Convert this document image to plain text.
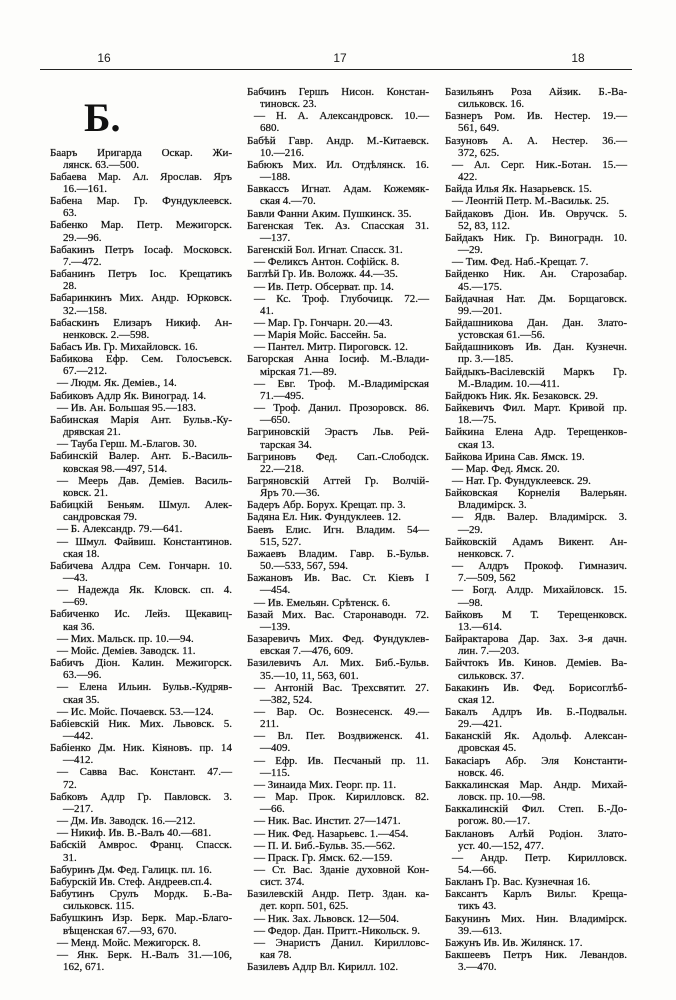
16	17	18
Б.
Бааръ Иригарда Оскар. Жи-
лянск. 63.—500.
Бабаева Мар. Ал. Ярослав. Яръ
16.—161.
Бабена Мар. Гр. Фундуклеевск.
63.
Бабенко Мар. Петр. Межигорск.
29.—96.
Бабакинъ Петръ Іосаф. Московск.
7.—472.
Бабанинъ Петръ Іос. Крещатикъ
28.
Бабаринкинъ Мих. Андр. Юрковск.
32.—158.
Бабаскинъ Елизаръ Никиф. Ан-
ненковск. 2.—598.
Бабасъ Ив. Гр. Михайловск. 16.
Бабикова Ефр. Сем. Голосъевск.
67.—212.
— Людм. Як. Деміев., 14.
Бабиковъ Адлр Як. Виноград. 14.
— Ив. Ан. Большая 95.—183.
Бабинская Марія Ант. Бульв.-Ку-
дрявская 21.
— Тауба Герш. М.-Благов. 30.
Бабинскій Валер. Ант. Б.-Василь-
ковская 98.—497, 514.
— Меерь Дав. Деміев. Василь-
ковск. 21.
Бабицкій Беньям. Шмул. Алек-
сандровская 79.
— Б. Александр. 79.—641.
— Шмул. Файвиш. Константинов.
ская 18.
Бабичева Алдра Сем. Гончарн. 10.
—43.
— Надежда Як. Кловск. сп. 4.
—69.
Бабиченко Ис. Лейз. Щекавиц-
кая 36.
— Мих. Мальск. пр. 10.—94.
— Мойс. Деміев. Заводск. 11.
Бабичъ Діон. Калин. Межигорск.
63.—96.
— Елена Ильин. Бульв.-Кудряв-
ская 35.
— Ис. Мойс. Почаевск. 53.—124.
Бабіевскій Ник. Мих. Львовск. 5.
—442.
Бабіенко Дм. Ник. Кіяновъ. пр. 14
—412.
— Савва Вас. Констант. 47.—
72.
Бабковъ Адлр Гр. Павловск. 3.
—217.
— Дм. Ив. Заводск. 16.—212.
— Никиф. Ив. В.-Валъ 40.—681.
Бабскій Амврос. Франц. Спасск.
31.
Бабуринъ Дм. Фед. Галицк. пл. 16.
Бабурскій Ив. Стеф. Андреев.сп.4.
Бабутинъ Срулъ Мордк. Б.-Ва-
сильковск. 115.
Бабушкинъ Изр. Берк. Мар.-Благо-
вѣщенская 67.—93, 670.
— Менд. Мойс. Межигорск. 8.
— Янк. Берк. Н.-Валъ 31.—106,
162, 671.
Бабчинъ Гершъ Нисон. Констан-
тиновск. 23.
— Н. А. Александровск. 10.—
680.
Бабѣй Гавр. Андр. М.-Китаевск.
10.—216.
Бабюкъ Мих. Ил. Отдѣлянск. 16.
—188.
Бавкассъ Игнат. Адам. Кожемяк-
ская 4.—70.
Бавли Фанни Аким. Пушкинск. 35.
Багенская Тек. Аз. Спасская 31.
—137.
Багенскій Бол. Игнат. Спасск. 31.
— Феликсъ Антон. Софійск. 8.
Баглѣй Гр. Ив. Воложк. 44.—35.
— Ив. Петр. Обсерват. пр. 14.
— Кс. Троф. Глубочицк. 72.—
41.
— Мар. Гр. Гончарн. 20.—43.
— Марія Мойс. Бассейн. 5а.
— Пантел. Митр. Пироговск. 12.
Багорская Анна Іосиф. М.-Влади-
мірская 71.—89.
— Евг. Троф. М.-Владимірская
71.—495.
— Троф. Данил. Прозоровск. 86.
—650.
Багриновскій Эрастъ Льв. Рей-
тарская 34.
Багриновъ Фед. Сап.-Слободск.
22.—218.
Багряновскій Аттей Гр. Волчій-
Яръ 70.—36.
Бадеръ Абр. Борух. Крещат. пр. 3.
Бадяна Ел. Ник. Фундуклеев. 12.
Баевъ Елис. Игн. Владим. 54—
515, 527.
Бажаевъ Владим. Гавр. Б.-Бульв.
50.—533, 567, 594.
Бажановъ Ив. Вас. Ст. Кіевъ I
—454.
— Ив. Емельян. Срѣтенск. 6.
Базай Мих. Вас. Старонаводн. 72.
—139.
Базаревичъ Мих. Фед. Фундуклев-
евская 7.—476, 609.
Базилевичъ Ал. Мих. Биб.-Бульв.
35.—10, 11, 563, 601.
— Антоній Вас. Трехсвятит. 27.
—382, 524.
— Вар. Ос. Вознесенск. 49.—
211.
— Вл. Пет. Воздвиженск. 41.
—409.
— Ефр. Ив. Песчаный пр. 11.
—115.
— Зинаида Мих. Георг. пр. 11.
— Мар. Прок. Кирилловск. 82.
—66.
— Ник. Вас. Инстит. 27—1471.
— Ник. Фед. Назарьевс. 1.—454.
— П. И. Биб.-Бульв. 35.—562.
— Праск. Гр. Ямск. 62.—159.
— Ст. Вас. Зданіе духовной Кон-
сист. 374.
Базилевскій Андр. Петр. Здан. ка-
дет. корп. 501, 625.
— Ник. Зах. Львовск. 12—504.
— Федор. Дан. Притт.-Никольск. 9.
— Энаристъ Данил. Кирилловс-
кая 78.
Базилевъ Адлр Вл. Кирилл. 102.
Базильянъ Роза Айзик. Б.-Ва-
сильковск. 16.
Базнеръ Ром. Ив. Нестер. 19.—
561, 649.
Базуновъ А. А. Нестер. 36.—
372, 625.
— Ал. Серг. Ник.-Ботан. 15.—
422.
Байда Илья Як. Назарьевск. 15.
— Леонтій Петр. М.-Васильк. 25.
Байдаковъ Діон. Ив. Овручск. 5.
52, 83, 112.
Байдакъ Ник. Гр. Виноградн. 10.
—29.
— Тим. Фед. Наб.-Крещат. 7.
Байденко Ник. Ан. Старозабар.
45.—175.
Байдачная Нат. Дм. Борщаговск.
99.—201.
Байдашникова Дан. Дан. Злато-
устовская 61.—56.
Байдашниковъ Ив. Дан. Кузнечн.
пр. 3.—185.
Байдыкъ-Васілевскій Маркъ Гр.
М.-Владим. 10.—411.
Байдюкъ Ник. Як. Безаковск. 29.
Байкевичъ Фил. Март. Кривой пр.
18.—75.
Байкина Елена Адр. Терещенков-
ская 13.
Байкова Ирина Сав. Ямск. 19.
— Мар. Фед. Ямск. 20.
— Нат. Гр. Фундуклеевск. 29.
Байковская Корнелія Валерьян.
Владимірск. 3.
— Ядв. Валер. Владимірск. 3.
—29.
Байковскій Адамъ Викент. Ан-
ненковск. 7.
— Алдръ Прокоф. Гимназич.
7.—509, 562
— Богд. Алдр. Михайловск. 15.
—98.
Байковъ М Т. Терещенковск.
13.—614.
Байрактарова Дар. Зах. 3-я дачн.
лин. 7.—203.
Байчтокъ Ив. Кинов. Деміев. Ва-
сильковск. 37.
Бакакинъ Ив. Фед. Борисоглѣб-
ская 12.
Бакалъ Адлръ Ив. Б.-Подвальн.
29.—421.
Баканскій Як. Адольф. Алексан-
дровская 45.
Бакасіаръ Абр. Эля Константи-
новск. 46.
Баккалинская Мар. Андр. Михай-
ловск. пр. 10.—98.
Баккалинскій Фил. Степ. Б.-До-
рогож. 80.—17.
Баклановъ Алѣй Родіон. Злато-
уст. 40.—152, 477.
— Андр. Петр. Кирилловск.
54.—66.
Бакланъ Гр. Вас. Кузнечная 16.
Баксантъ Карлъ Вильг. Креща-
тикъ 43.
Бакунинъ Мих. Нин. Владимірск.
39.—613.
Бажунъ Ив. Ив. Жилянск. 17.
Бакшеевъ Петръ Ник. Левандов.
3.—470.
